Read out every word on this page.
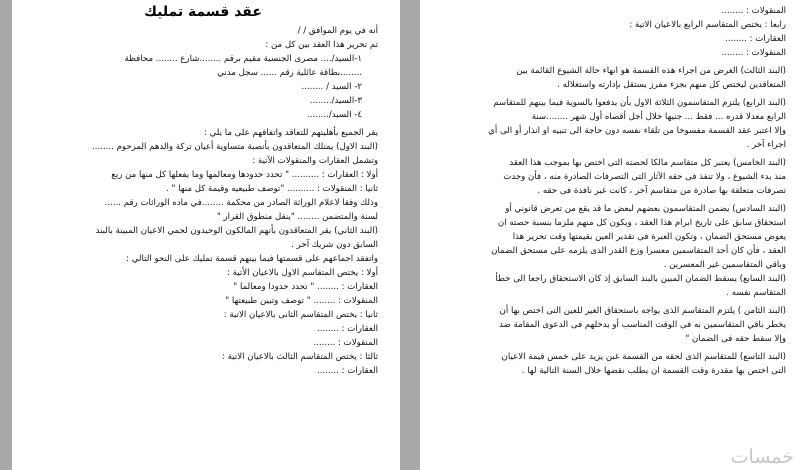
عقد قسمة تمليك
أنه في يوم الموافق / /
تم تحرير هذا العقد بين كل من :
١-السيد/.... مصرى الجنسية مقيم برقم ........شارع ........ محافظة
........بطاقة عائلية رقم ...... سجل مدني
٢- السيد / ........
٣-السيد/........
٤- السيد/........
يقر الجميع بأهليتهم للتعاقد واتفاقهم على ما يلي :
(البند الاول) يمتلك المتعاقدون بأنصبة متساوية أعيان تركة والدهم المرحوم ........
وتشمل العقارات والمنقولات الآتية :
أولا : العقارات : .......... " تحدد حدودها ومعالمها وما يفعلها كل منها من ربع
ثانيا : المنقولات : .......... "توصف طبيعيه وقيمة كل منها " .
وذلك وفقا لاعلام الوراثة الصادر من محكمة ........في ماده الوراثات رقم ......
لسنة والمتضمن ........ "ينقل منطوق القرار "
(البند الثاني) يقر المتعاقدون بأنهم المالكون الوحيدون لجمي الاعيان المبينة بالبند
السابق دون شريك آخر .
واتفقد اجماعهم على قسمتها فيما بينهم قسمة تمليك على النحو التالي :
أولا : يختص المتقاسم الاول بالاعيان الأتية :
العقارات : ........ " تحدد حدودا ومعالما "
المنقولات : ........ " توصف وتبين طبيعتها "
ثانيا : يختص المتقاسم الثانى بالاعيان الاتية :
العقارات : ........
المنقولات : ........
ثالثا : يختص المتقاسم الثالث بالاعيان الاتية :
العقارات : ........
المنقولات : ........
رابعا : يختص المتقاسم الرابع بالاعيان الاتية :
العقارات : ........
المنقولات : ........
(البند الثالث) الغرض من اجراء هذه القسمة هو انهاء حالة الشيوع القائمة بين
المتعاقدين ليختص كل منهم بجزء مفرز يستقل بإدارته واستغلاله .
(البند الرابع) يلتزم المتقاسمون الثلاثة الاول بأن يدفعوا بالسوية فيما بينهم للمتقاسم
الرابع معدلا قدره ... فقط ... جنيها خلال أجل أقصاه أول شهر ........سنة
وإلا اعتبر عقد القسمة مفسوخا من تلقاء نفسه دون حاجة الى تنبيه او انذار أو الى أي
اجراء آخر .
(البند الخامس) يعتبر كل متقاسم مالكا لحصته التى اختص بها بموجب هذا العقد
منذ بدء الشيوع ، ولا تنفذ فى حقه الآثار التى التصرفات الصادرة منه ، فأن وجدت
تصرفات متعلقة بها صادرة من متقاسم آخر ، كانت غير نافذة فى حقه .
(البند السادس) يضمن المتقاسمون بعضهم لبعض ما قد يقع من تعرض قانوني أو
استحقاق سابق على تاريخ ابرام هذا العقد ، ويكون كل منهم ملزما بنسبة حصته ان
يعوض مستحق الضمان ، وتكون العبرة فى تقدير العين بقيمتها وقت تحرير هذا
العقد ، فأن كان أحد المتقاسمين معسرا وزع القدر الذى يلزمه على مستحق الضمان
وباقي المتقاسمين غير المعسرين .
(البند السابع) يسقط الضمان المبين بالبند السابق إذ كان الاستحقاق راجعا الى خطأ
المتقاسم نفسه .
(البند الثامن ) يلتزم المتقاسم الذى يواجه باستحقاق الغير للعين التى اختص بها أن
يخطر باقي المتقاسمين به فى الوقت المناسب أو يدخلهم فى الدعوى المقامة ضد
وإلا سقط حقه فى الضمان "
(البند التاسع) للمتقاسم الذى لحقه من القسمة غبن يزيد على خمس قيمة الاعيان
التى اختص بها مقدرة وقت القسمة ان يطلب نقضها خلال السنة التالية لها .
خمسات
